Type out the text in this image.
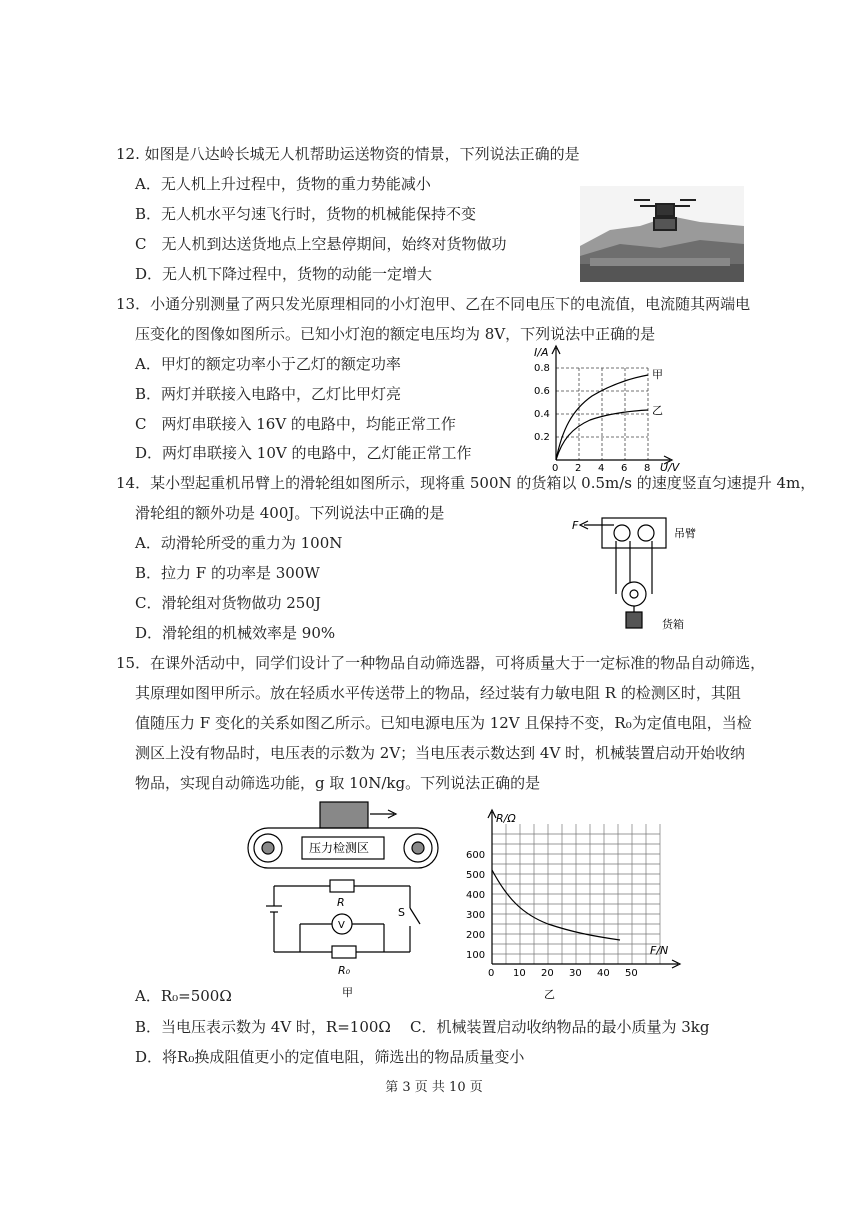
12. 如图是八达岭长城无人机帮助运送物资的情景，下列说法正确的是
A．无人机上升过程中，货物的重力势能减小
B．无人机水平匀速飞行时，货物的机械能保持不变
C　无人机到达送货地点上空悬停期间，始终对货物做功
D．无人机下降过程中，货物的动能一定增大
13．小通分别测量了两只发光原理相同的小灯泡甲、乙在不同电压下的电流值，电流随其两端电
压变化的图像如图所示。已知小灯泡的额定电压均为 8V，下列说法中正确的是
A．甲灯的额定功率小于乙灯的额定功率
B．两灯并联接入电路中，乙灯比甲灯亮
C　两灯串联接入 16V 的电路中，均能正常工作
D．两灯串联接入 10V 的电路中，乙灯能正常工作
I/A
0.8
0.6
0.4
0.2
0 2 4 6 8 U/V
甲
乙
14．某小型起重机吊臂上的滑轮组如图所示，现将重 500N 的货箱以 0.5m/s 的速度竖直匀速提升 4m，
滑轮组的额外功是 400J。下列说法中正确的是
A．动滑轮所受的重力为 100N
B．拉力 F 的功率是 300W
C．滑轮组对货物做功 250J
D．滑轮组的机械效率是 90%
F
吊臂
货箱
15．在课外活动中，同学们设计了一种物品自动筛选器，可将质量大于一定标准的物品自动筛选，
其原理如图甲所示。放在轻质水平传送带上的物品，经过装有力敏电阻 R 的检测区时，其阻
值随压力 F 变化的关系如图乙所示。已知电源电压为 12V 且保持不变，R₀为定值电阻，当检
测区上没有物品时，电压表的示数为 2V；当电压表示数达到 4V 时，机械装置启动开始收纳
物品，实现自动筛选功能，g 取 10N/kg。下列说法正确的是
压力检测区
R
V
S
R₀
甲
R/Ω
600
500
400
300
200
100
0 10 20 30 40 50
F/N
乙
A．R₀=500Ω
B．当电压表示数为 4V 时，R=100Ω C．机械装置启动收纳物品的最小质量为 3kg
D．将R₀换成阻值更小的定值电阻，筛选出的物品质量变小
第 3 页 共 10 页
